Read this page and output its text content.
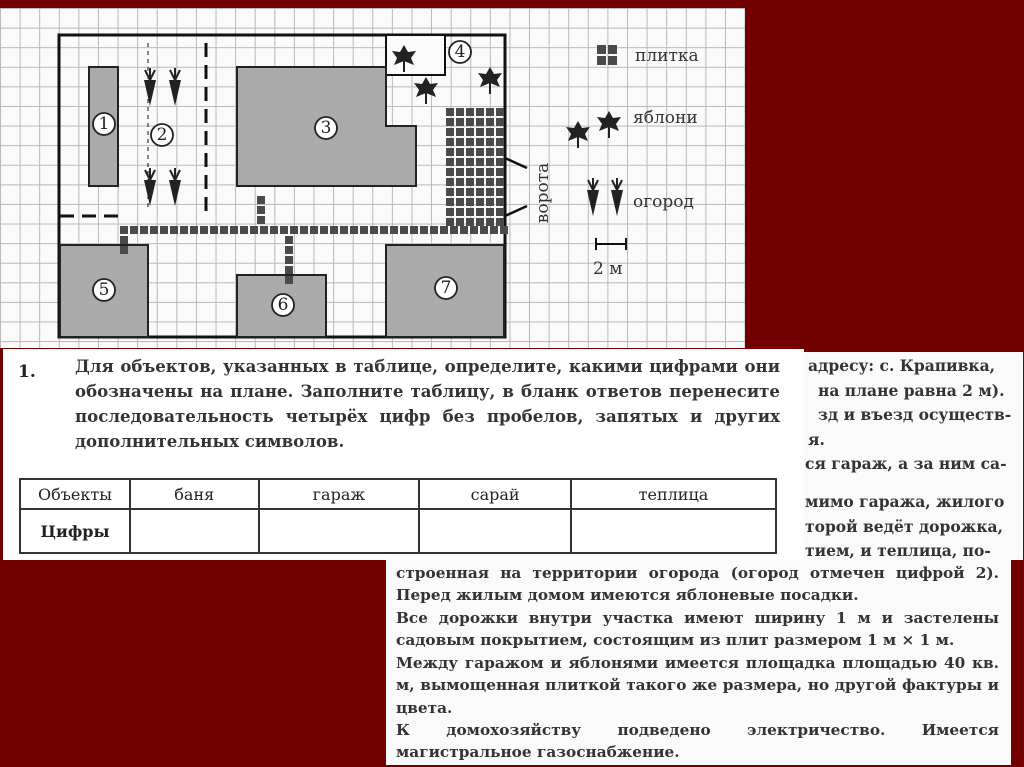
ворота
1
2	3
4
5
6
7
плитка
яблони
огород
2 м
1. Для объектов, указанных в таблице, определите, какими цифрами они обозначены на плане. Заполните таблицу, в бланк ответов перенесите последовательность четырёх цифр без пробелов, запятых и других дополнительных символов.
Объекты	баня	гараж	сарай	теплица
Цифры				
адресу: с. Крапивка,
на плане равна 2 м).
зд и въезд осуществ-
я.
ся гараж, а за ним са-
мимо гаража, жилого
торой ведёт дорожка,
тием, и теплица, по-
строенная на территории огорода (огород отмечен цифрой 2). Перед жилым домом имеются яблоневые посадки.
Все дорожки внутри участка имеют ширину 1 м и застелены садовым покрытием, состоящим из плит размером 1 м × 1 м.
Между гаражом и яблонями имеется площадка площадью 40 кв. м, вымощенная плиткой такого же размера, но другой фактуры и цвета.
К домохозяйству подведено электричество. Имеется магистральное газоснабжение.
